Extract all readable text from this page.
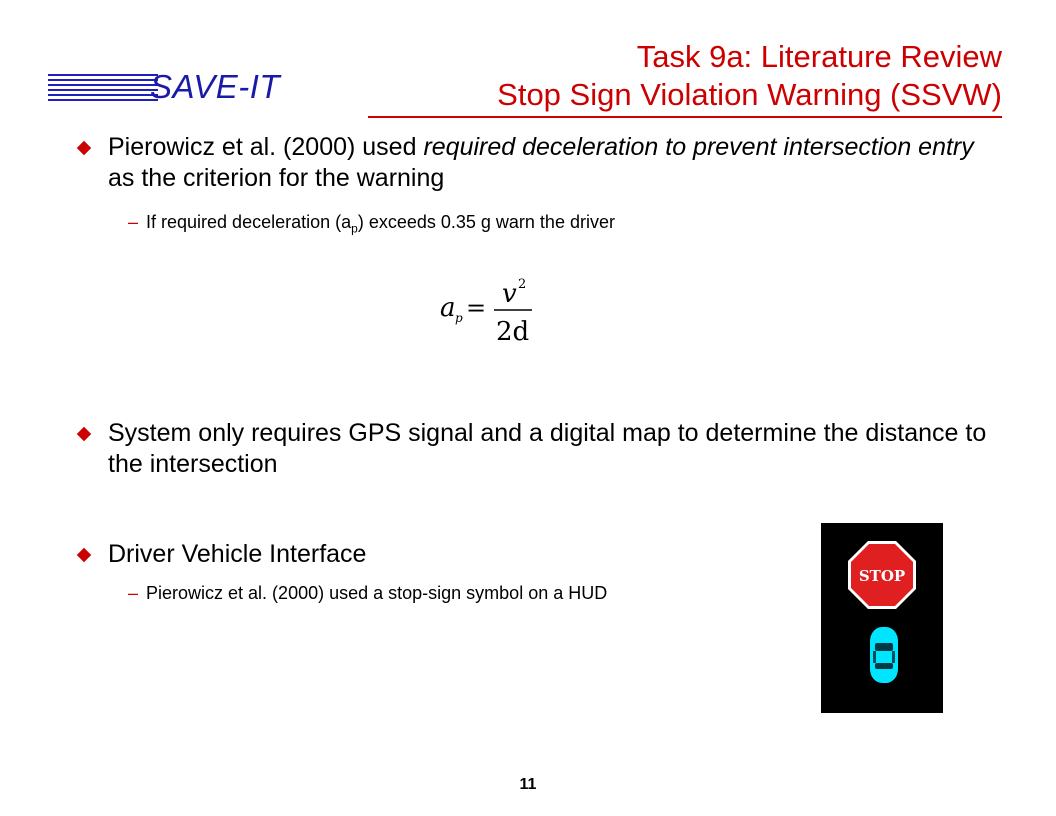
SAVE-IT
Task 9a: Literature Review
Stop Sign Violation Warning (SSVW)
Pierowicz et al. (2000) used required deceleration to prevent intersection entry as the criterion for the warning
– If required deceleration $(a_p)$ exceeds 0.35 g warn the driver
a p = v 2
2d
System only requires GPS signal and a digital map to determine the distance to the intersection
Driver Vehicle Interface
– Pierowicz et al. (2000) used a stop-sign symbol on a HUD
STOP
11
